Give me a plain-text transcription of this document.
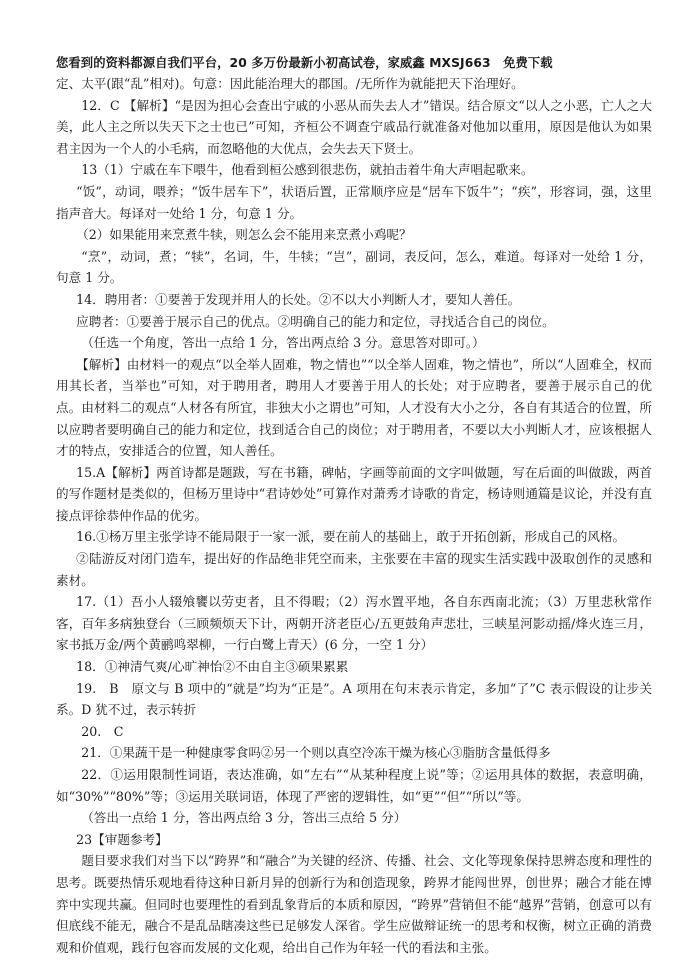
您看到的资料都源自我们平台，20 多万份最新小初高试卷，家威鑫 MXSJ663　免费下载

定、太平(跟“乱”相对)。句意：因此能治理大的郡国。/无所作为就能把天下治理好。

12．C 【解析】“是因为担心会查出宁戚的小恶从而失去人才”错误。结合原文“以人之小恶，亡人之大美，此人主之所以失天下之士也已”可知，齐桓公不调查宁戚品行就准备对他加以重用，原因是他认为如果君主因为一个人的小毛病，而忽略他的大优点，会失去天下贤士。

13（1）宁戚在车下喂牛，他看到桓公感到很悲伤，就拍击着牛角大声唱起歌来。

“饭”，动词，喂养；“饭牛居车下”，状语后置，正常顺序应是“居车下饭牛”；“疾”，形容词，强，这里指声音大。每译对一处给 1 分，句意 1 分。

（2）如果能用来烹煮牛犊，则怎么会不能用来烹煮小鸡呢？

“烹”，动词，煮；“犊”，名词，牛，牛犊；“岂”，副词，表反问，怎么，难道。每译对一处给 1 分，句意 1 分。

14．聘用者：①要善于发现并用人的长处。②不以大小判断人才，要知人善任。

应聘者：①要善于展示自己的优点。②明确自己的能力和定位，寻找适合自己的岗位。

（任选一个角度，答出一点给 1 分，答出两点给 3 分。意思答对即可。）

【解析】由材料一的观点“以全举人固难，物之情也”“以全举人固难，物之情也”，所以“人固难全，权而用其长者，当举也”可知，对于聘用者，聘用人才要善于用人的长处；对于应聘者，要善于展示自己的优点。由材料二的观点“人材各有所宜，非独大小之谓也”可知，人才没有大小之分，各自有其适合的位置，所以应聘者要明确自己的能力和定位，找到适合自己的岗位；对于聘用者，不要以大小判断人才，应该根据人才的特点，安排适合的位置，知人善任。

15.A【解析】两首诗都是题跋，写在书籍，碑帖，字画等前面的文字叫做题，写在后面的叫做跋，两首的写作题材是类似的，但杨万里诗中“君诗妙处”可算作对萧秀才诗歌的肯定，杨诗则通篇是议论，并没有直接点评徐恭仲作品的优劣。

16.①杨万里主张学诗不能局限于一家一派，要在前人的基础上，敢于开拓创新，形成自己的风格。

②陆游反对闭门造车，提出好的作品绝非凭空而来，主张要在丰富的现实生活实践中汲取创作的灵感和素材。

17.（1）吾小人辍飧饔以劳吏者，且不得暇；（2）泻水置平地，各自东西南北流；（3）万里悲秋常作客，百年多病独登台（三顾频烦天下计，两朝开济老臣心/五更鼓角声悲壮，三峡星河影动摇/烽火连三月，家书抵万金/两个黄鹂鸣翠柳，一行白鹭上青天）(6 分，一空 1 分）

18．①神清气爽/心旷神怡②不由自主③硕果累累

19.　B　原文与 B 项中的“就是”均为“正是”。A 项用在句末表示肯定，多加“了”C 表示假设的让步关系。D 犹不过，表示转折

20.　C

21．①果蔬干是一种健康零食吗②另一个则以真空冷冻干燥为核心③脂肪含量低得多

22．①运用限制性词语，表达准确，如“左右”“从某种程度上说”等；②运用具体的数据，表意明确，如“30%”“80%”等；③运用关联词语，体现了严密的逻辑性，如“更”“但”“所以”等。

（答出一点给 1 分，答出两点给 3 分，答出三点给 5 分）

23【审题参考】

题目要求我们对当下以“跨界”和“融合”为关键的经济、传播、社会、文化等现象保持思辨态度和理性的思考。既要热情乐观地看待这种日新月异的创新行为和创造现象，跨界才能闯世界，创世界；融合才能在博弈中实现共赢。但同时也要理性的看到乱象背后的本质和原因，“跨界”营销但不能“越界”营销，创意可以有但底线不能无，融合不是乱品瞎凑这些已足够发人深省。学生应做辩证统一的思考和权衡，树立正确的消费观和价值观，践行包容而发展的文化观，给出自己作为年轻一代的看法和主张。
